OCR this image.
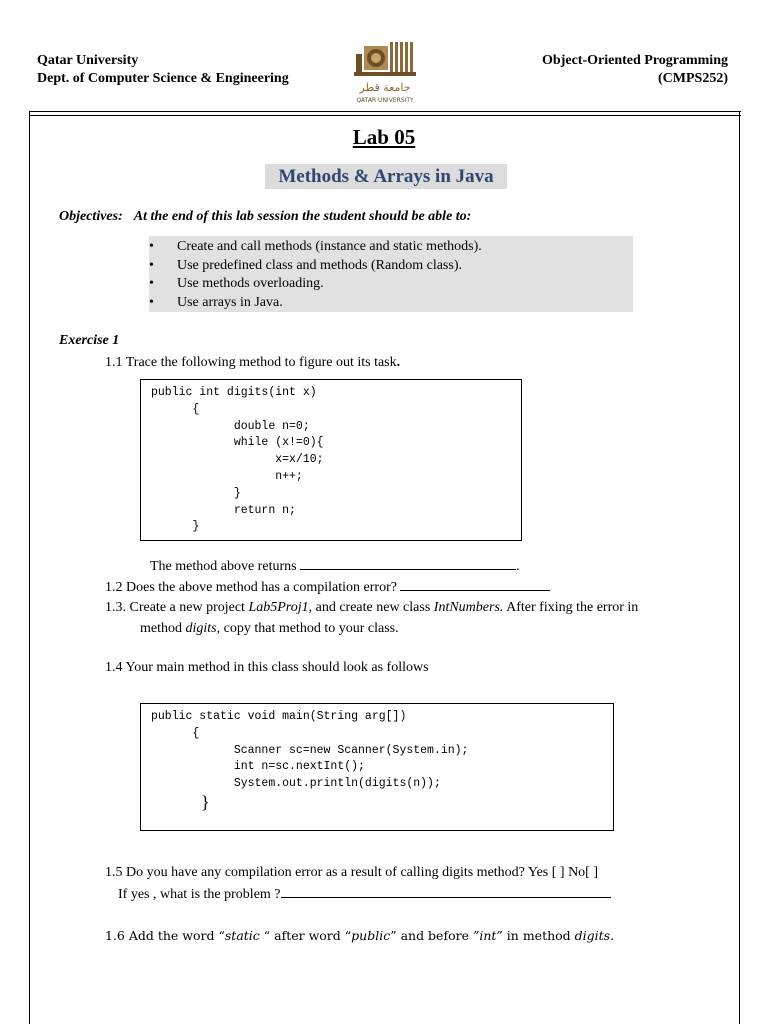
Qatar University
Dept. of Computer Science & Engineering
جامعة قطر
QATAR UNIVERSITY
Object-Oriented Programming
(CMPS252)
Lab 05
Methods & Arrays in Java
Objectives: At the end of this lab session the student should be able to:
• Create and call methods (instance and static methods).
• Use predefined class and methods (Random class).
• Use methods overloading.
• Use arrays in Java.
Exercise 1
1.1 Trace the following method to figure out its task.
public int digits(int x)
{
double n=0;
while (x!=0){
x=x/10;
n++;
}
return n;
}
The method above returns	.
1.2 Does the above method has a compilation error?
1.3. Create a new project Lab5Proj1, and create new class IntNumbers. After fixing the error in
method digits, copy that method to your class.
1.4 Your main method in this class should look as follows
public static void main(String arg[])
{
Scanner sc=new Scanner(System.in);
int n=sc.nextInt();
System.out.println(digits(n));
}
1.5 Do you have any compilation error as a result of calling digits method? Yes [ ] No[ ]
If yes , what is the problem ?
1.6 Add the word “static “ after word “public” and before ”int” in method digits.
